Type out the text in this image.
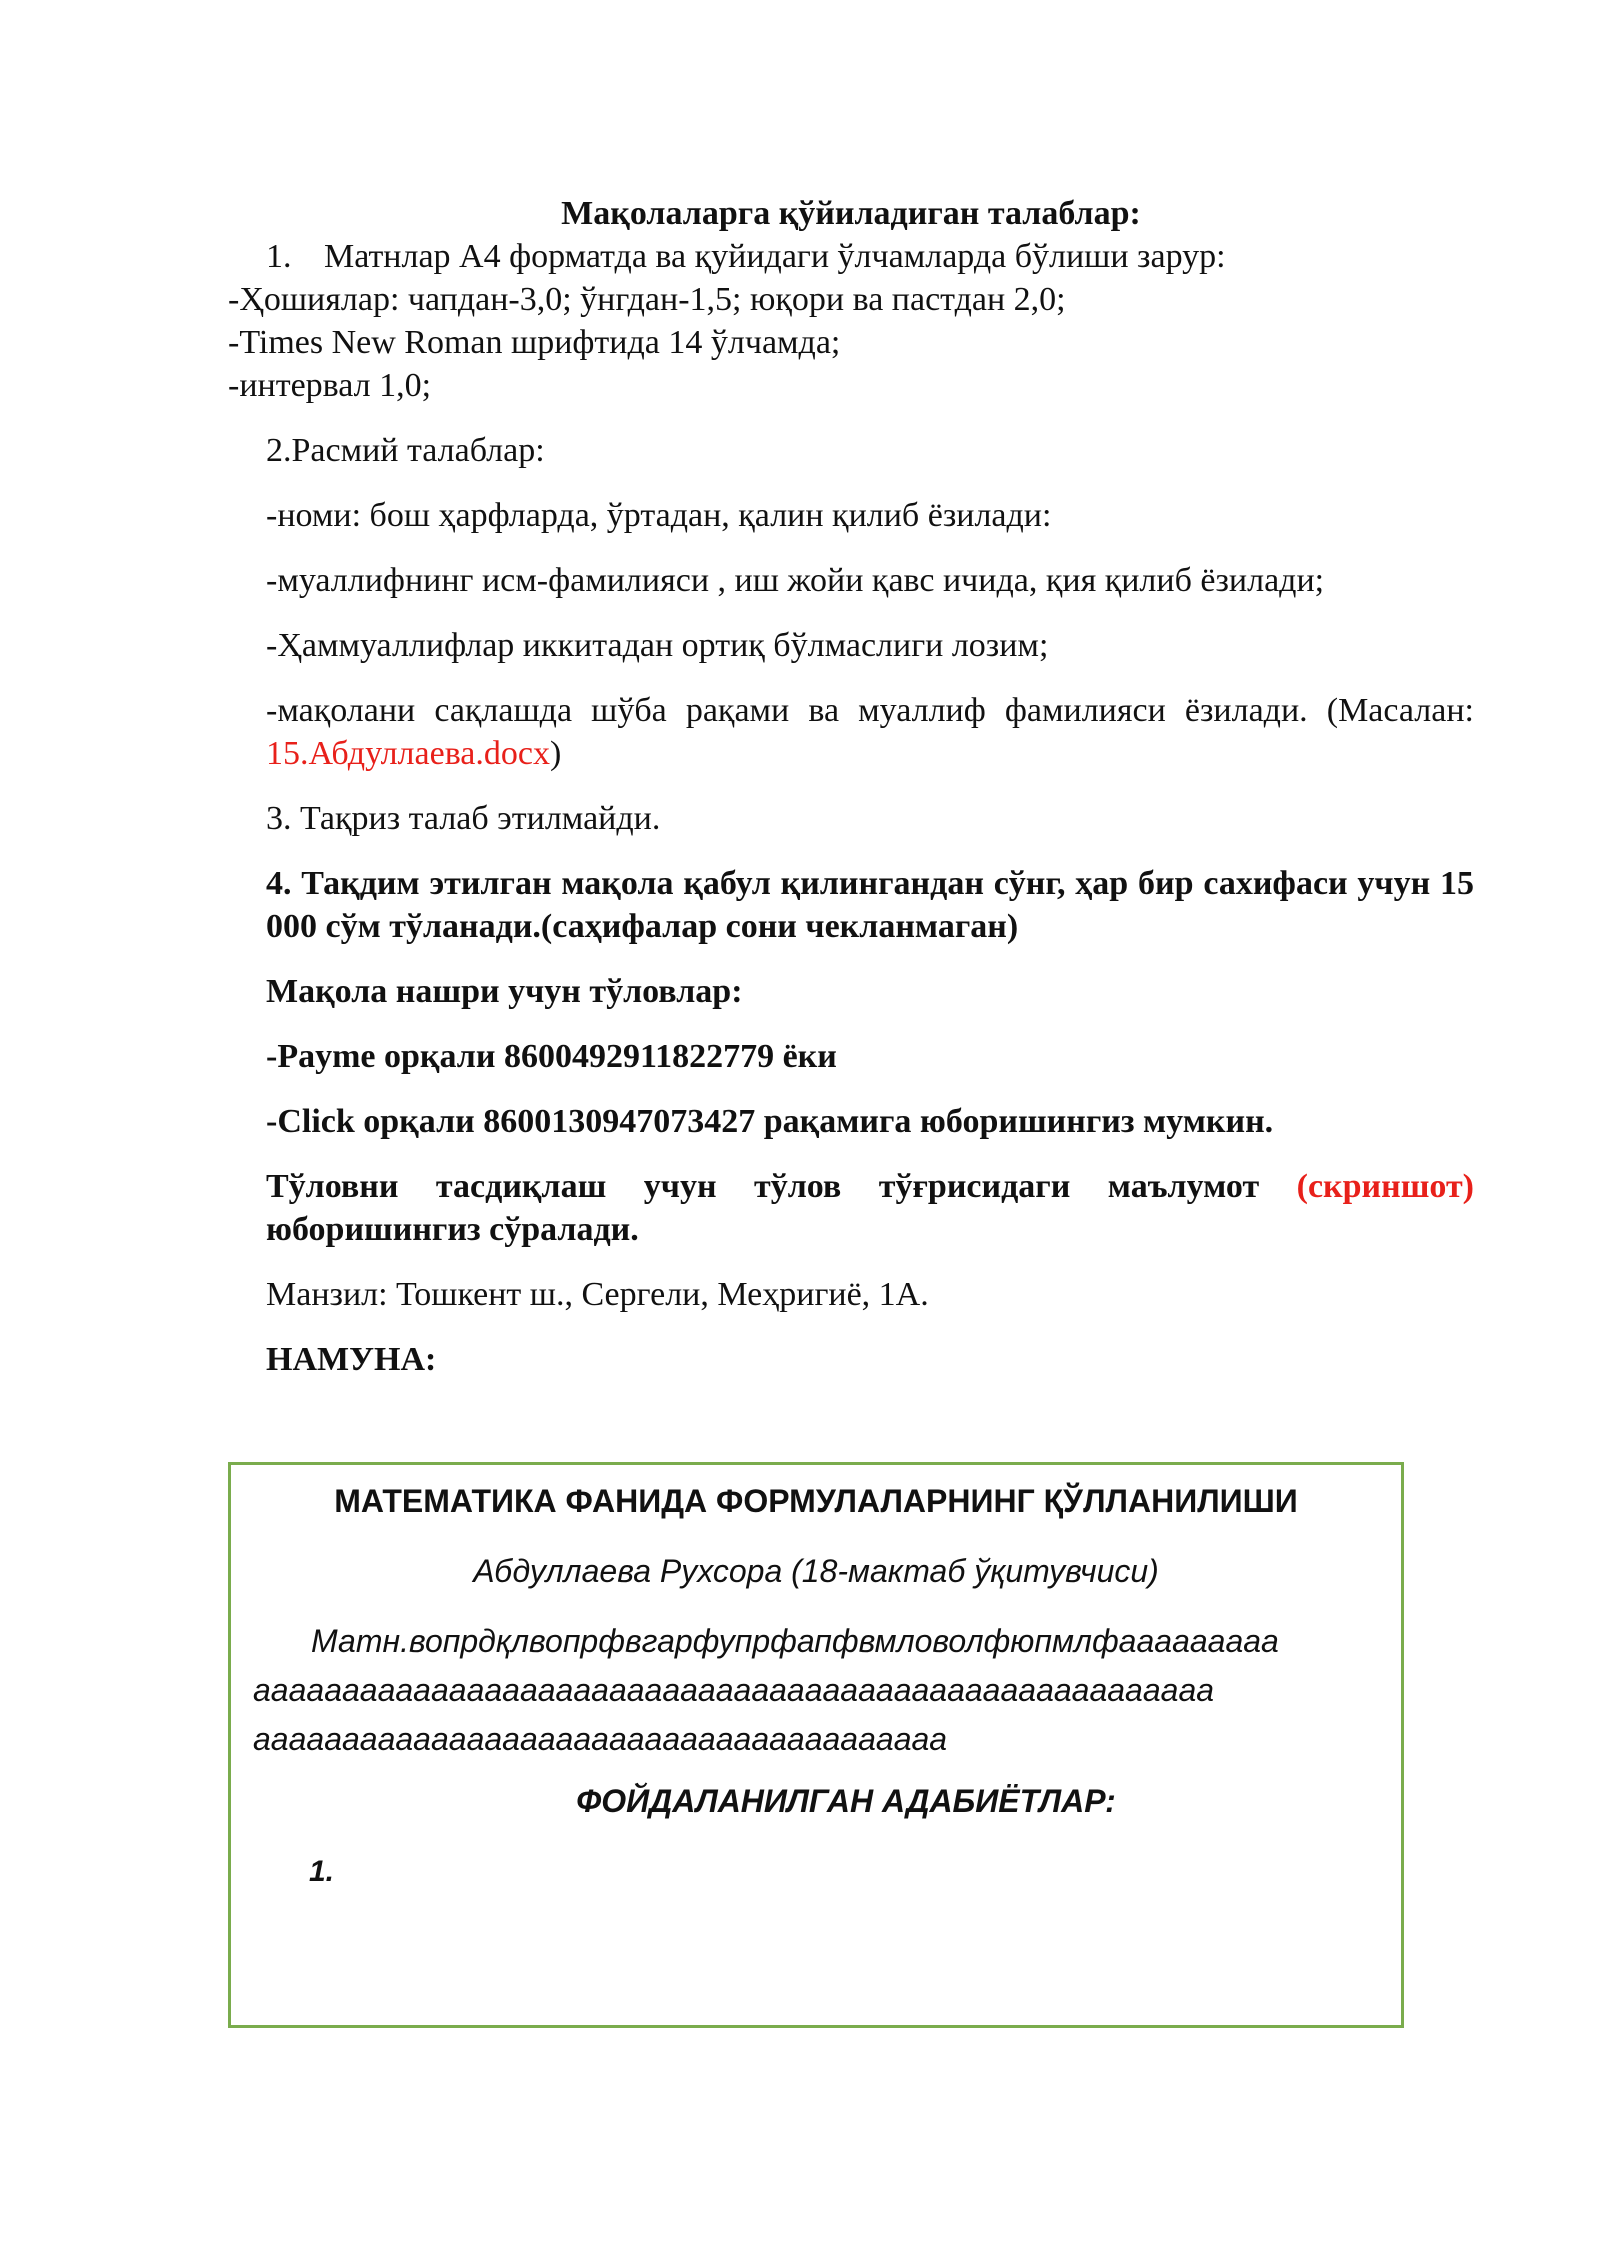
Мақолаларга қўйиладиган талаблар:

1. Матнлар А4 форматда ва қуйидаги ўлчамларда бўлиши зарур:

-Ҳошиялар: чапдан-3,0; ўнгдан-1,5; юқори ва пастдан 2,0;

-Times New Roman шрифтида 14 ўлчамда;

-интервал 1,0;

2.Расмий талаблар:

-номи: бош ҳарфларда, ўртадан, қалин қилиб ёзилади:

-муаллифнинг исм-фамилияси , иш жойи қавс ичида, қия қилиб ёзилади;

-Ҳаммуаллифлар иккитадан ортиқ бўлмаслиги лозим;

-мақолани сақлашда шўба рақами ва муаллиф фамилияси ёзилади. (Масалан: 15.Абдуллаева.docx)

3. Тақриз талаб этилмайди.

4. Тақдим этилган мақола қабул қилингандан сўнг, ҳар бир сахифаси учун 15 000 сўм тўланади.(саҳифалар сони чекланмаган)

Мақола нашри учун тўловлар:

-Payme орқали 8600492911822779 ёки

-Click орқали 8600130947073427 рақамига юборишингиз мумкин.

Тўловни тасдиқлаш учун тўлов тўғрисидаги маълумот (скриншот) юборишингиз сўралади.

Манзил: Тошкент ш., Сергели, Меҳригиё, 1А.

НАМУНА:

МАТЕМАТИКА ФАНИДА ФОРМУЛАЛАРНИНГ ҚЎЛЛАНИЛИШИ
Абдуллаева Рухсора (18-мактаб ўқитувчиси)

Матн.вопрдқлвопрфвгарфупрфапфвмловолфюпмлфааааааааа

аааааааааааааааааааааааааааааааааааааааааааааааааааааа

ааааааааааааааааааааааааааааааааааааааа

ФОЙДАЛАНИЛГАН АДАБИЁТЛАР:
1.
